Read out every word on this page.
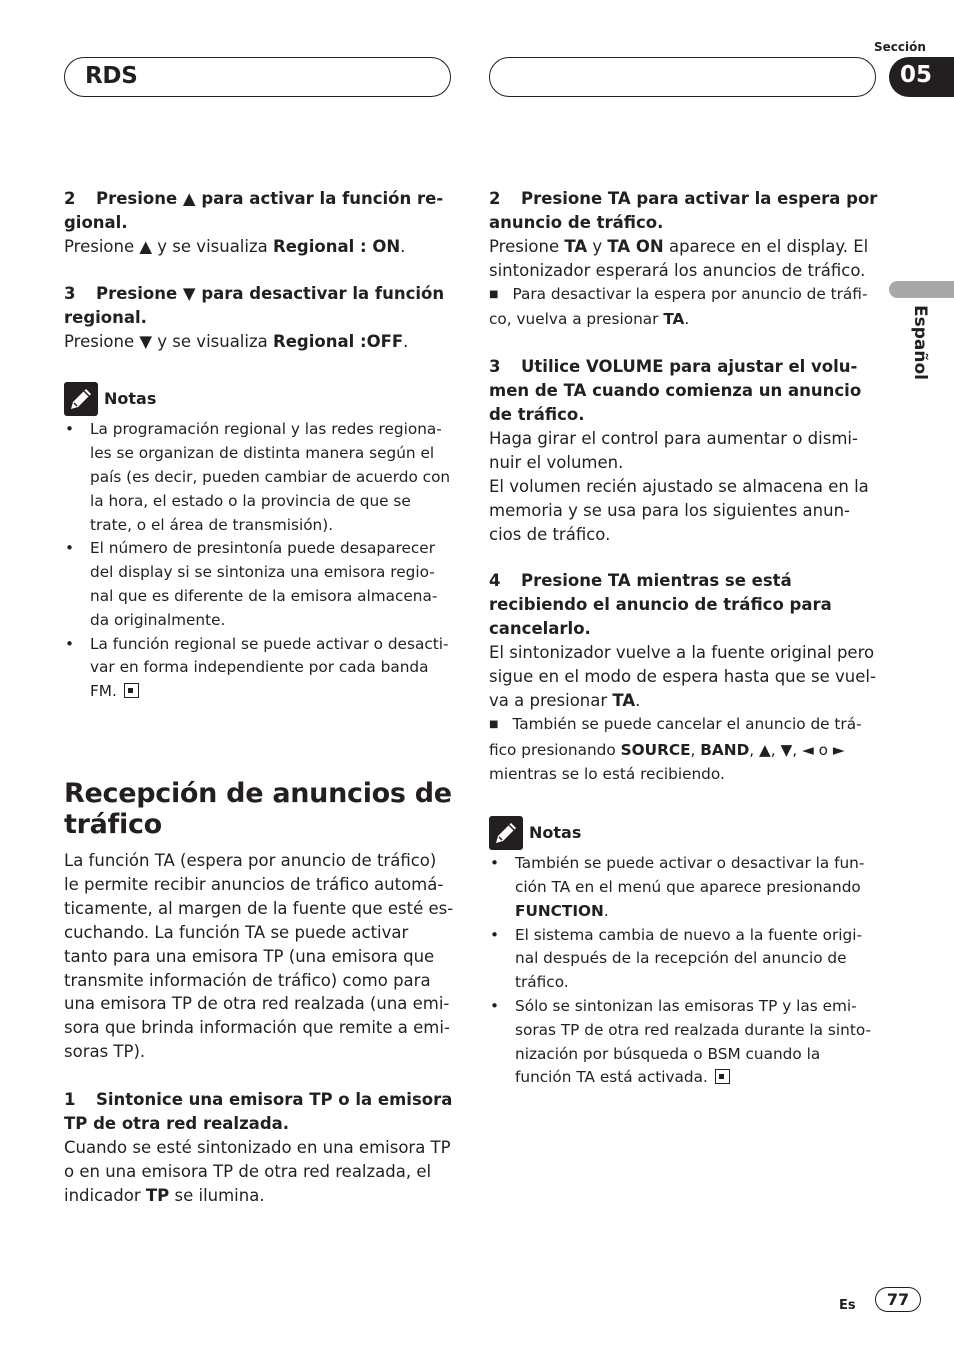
RDS
Sección
05
Español
2 Presione ▲ para activar la función re-gional.
Presione ▲ y se visualiza Regional : ON.
3 Presione ▼ para desactivar la función regional.
Presione ▼ y se visualiza Regional :OFF.
Notas
• La programación regional y las redes regiona-les se organizan de distinta manera según el país (es decir, pueden cambiar de acuerdo con la hora, el estado o la provincia de que se trate, o el área de transmisión).
• El número de presintonía puede desaparecer del display si se sintoniza una emisora regio-nal que es diferente de la emisora almacena-da originalmente.
• La función regional se puede activar o desacti-var en forma independiente por cada banda FM.
Recepción de anuncios de tráfico
La función TA (espera por anuncio de tráfico) le permite recibir anuncios de tráfico automá-ticamente, al margen de la fuente que esté es-cuchando. La función TA se puede activar tanto para una emisora TP (una emisora que transmite información de tráfico) como para una emisora TP de otra red realzada (una emi-sora que brinda información que remite a emi-soras TP).
1 Sintonice una emisora TP o la emisora TP de otra red realzada.
Cuando se esté sintonizado en una emisora TP o en una emisora TP de otra red realzada, el indicador TP se ilumina.
2 Presione TA para activar la espera por anuncio de tráfico.
Presione TA y TA ON aparece en el display. El sintonizador esperará los anuncios de tráfico.
■ Para desactivar la espera por anuncio de tráfi-co, vuelva a presionar TA.
3 Utilice VOLUME para ajustar el volu-men de TA cuando comienza un anuncio de tráfico.
Haga girar el control para aumentar o dismi-nuir el volumen.
El volumen recién ajustado se almacena en la memoria y se usa para los siguientes anun-cios de tráfico.
4 Presione TA mientras se está recibiendo el anuncio de tráfico para cancelarlo.
El sintonizador vuelve a la fuente original pero sigue en el modo de espera hasta que se vuel-va a presionar TA.
■ También se puede cancelar el anuncio de trá-fico presionando SOURCE, BAND, ▲, ▼, ◄ o ► mientras se lo está recibiendo.
Notas
• También se puede activar o desactivar la fun-ción TA en el menú que aparece presionando FUNCTION.
• El sistema cambia de nuevo a la fuente origi-nal después de la recepción del anuncio de tráfico.
• Sólo se sintonizan las emisoras TP y las emi-soras TP de otra red realzada durante la sinto-nización por búsqueda o BSM cuando la función TA está activada.
Es	77
